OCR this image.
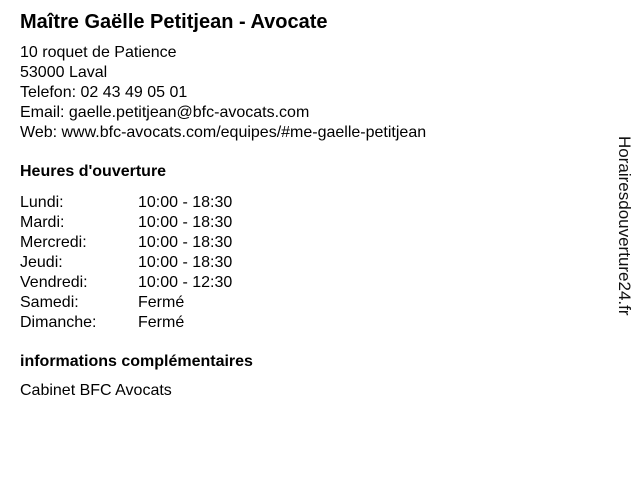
Maître Gaëlle Petitjean - Avocate
10 roquet de Patience
53000 Laval
Telefon: 02 43 49 05 01
Email: gaelle.petitjean@bfc-avocats.com
Web: www.bfc-avocats.com/equipes/#me-gaelle-petitjean
Heures d'ouverture
Lundi:	10:00 - 18:30
Mardi:	10:00 - 18:30
Mercredi:	10:00 - 18:30
Jeudi:	10:00 - 18:30
Vendredi:	10:00 - 12:30
Samedi:	Fermé
Dimanche:	Fermé
informations complémentaires
Cabinet BFC Avocats
Horairesdouverture24.fr
